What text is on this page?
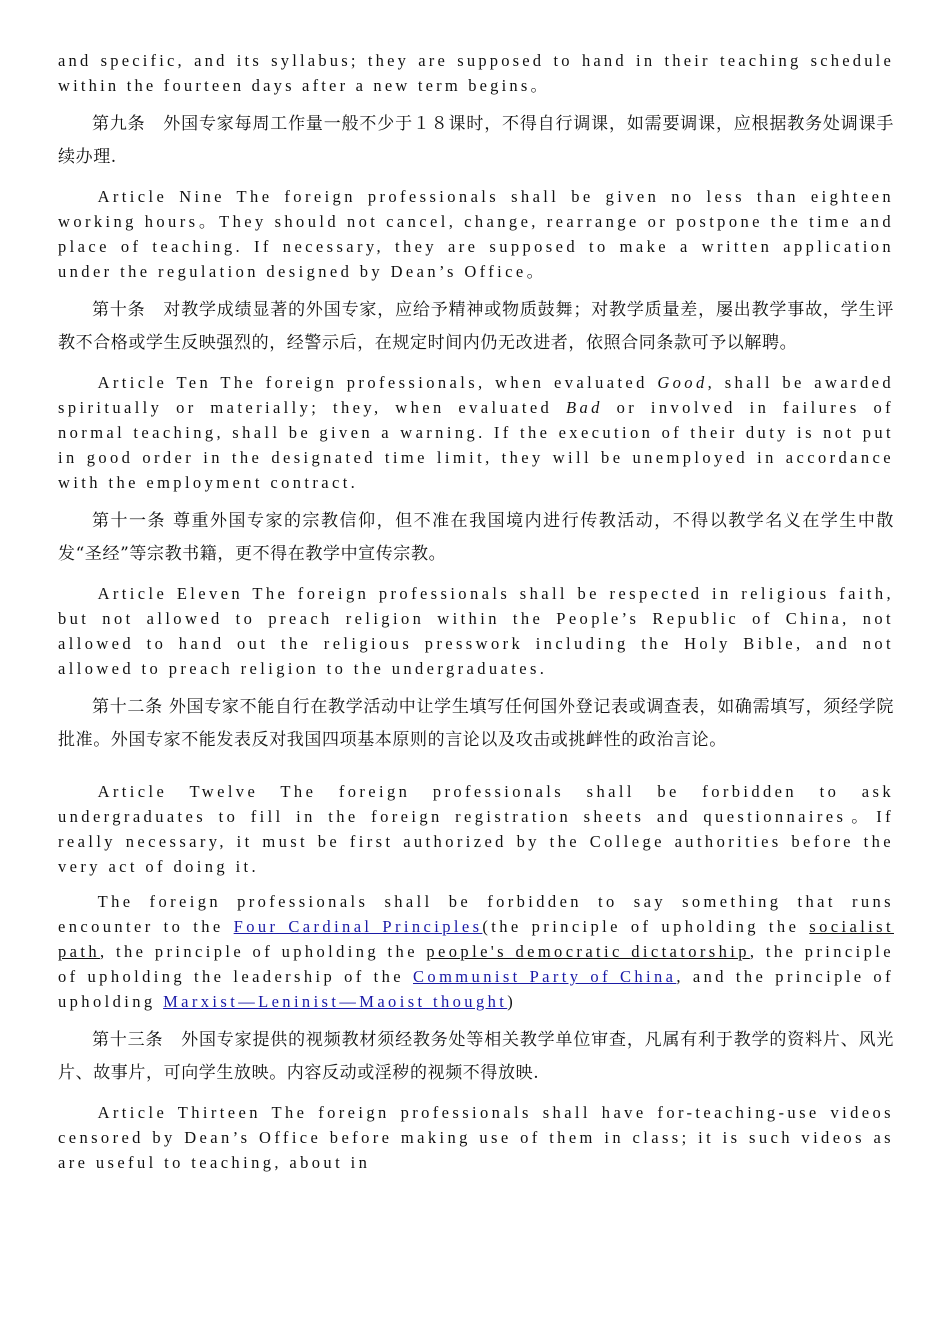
and specific, and its syllabus; they are supposed to hand in their teaching schedule within the fourteen days after a new term begins。

第九条　外国专家每周工作量一般不少于１８课时，不得自行调课，如需要调课，应根据教务处调课手续办理.

Article Nine The foreign professionals shall be given no less than eighteen working hours。They should not cancel, change, rearrange or postpone the time and place of teaching. If necessary, they are supposed to make a written application under the regulation designed by Dean’s Office。

第十条　对教学成绩显著的外国专家，应给予精神或物质鼓舞；对教学质量差，屡出教学事故，学生评教不合格或学生反映强烈的，经警示后，在规定时间内仍无改进者，依照合同条款可予以解聘。

Article Ten The foreign professionals, when evaluated Good, shall be awarded spiritually or materially; they, when evaluated Bad or involved in failures of normal teaching, shall be given a warning. If the execution of their duty is not put in good order in the designated time limit, they will be unemployed in accordance with the employment contract.

第十一条 尊重外国专家的宗教信仰，但不准在我国境内进行传教活动，不得以教学名义在学生中散发“圣经”等宗教书籍，更不得在教学中宣传宗教。

Article Eleven The foreign professionals shall be respected in religious faith, but not allowed to preach religion within the People’s Republic of China, not allowed to hand out the religious presswork including the Holy Bible, and not allowed to preach religion to the undergraduates.

第十二条 外国专家不能自行在教学活动中让学生填写任何国外登记表或调查表，如确需填写，须经学院批准。外国专家不能发表反对我国四项基本原则的言论以及攻击或挑衅性的政治言论。

Article Twelve The foreign professionals shall be forbidden to ask undergraduates to fill in the foreign registration sheets and questionnaires。If really necessary, it must be first authorized by the College authorities before the very act of doing it.

The foreign professionals shall be forbidden to say something that runs encounter to the Four Cardinal Principles(the principle of upholding the socialist path, the principle of upholding the people's democratic dictatorship, the principle of upholding the leadership of the Communist Party of China, and the principle of upholding Marxist—Leninist—Maoist thought)

第十三条　外国专家提供的视频教材须经教务处等相关教学单位审查，凡属有利于教学的资料片、风光片、故事片，可向学生放映。内容反动或淫秽的视频不得放映.

Article Thirteen The foreign professionals shall have for-teaching-use videos censored by Dean’s Office before making use of them in class; it is such videos as are useful to teaching, about in
